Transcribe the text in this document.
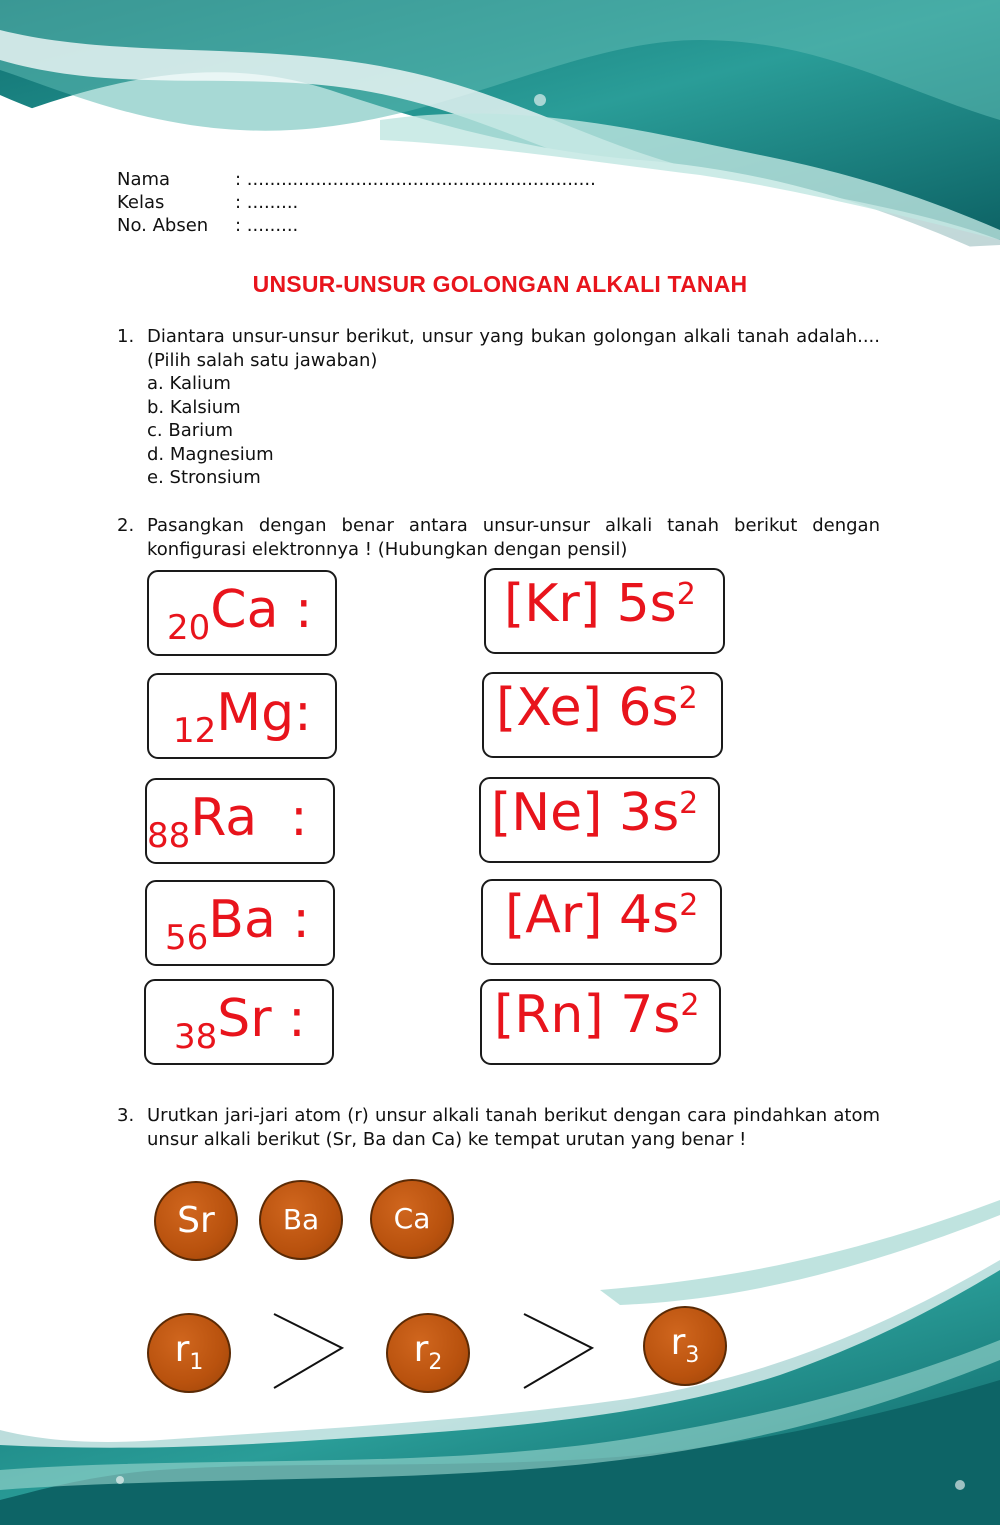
Nama	: .............................................................
Kelas	: .........
No. Absen : .........
UNSUR-UNSUR GOLONGAN ALKALI TANAH
1. Diantara unsur-unsur berikut, unsur yang bukan golongan alkali tanah adalah....(Pilih salah satu jawaban)
a. Kalium
b. Kalsium
c. Barium
d. Magnesium
e. Stronsium
2. Pasangkan dengan benar antara unsur-unsur alkali tanah berikut dengan konfigurasi elektronnya ! (Hubungkan dengan pensil)
20Ca :
12Mg:
88Ra  :
56Ba :
38Sr :
[Kr] 5s2
[Xe] 6s2
[Ne] 3s2
[Ar] 4s2
[Rn] 7s2
3. Urutkan jari-jari atom (r) unsur alkali tanah berikut dengan cara pindahkan atom unsur alkali berikut (Sr, Ba dan Ca) ke tempat urutan yang benar !
Sr	Ba	Ca
$r_1$	$r_2$	$r_3$
